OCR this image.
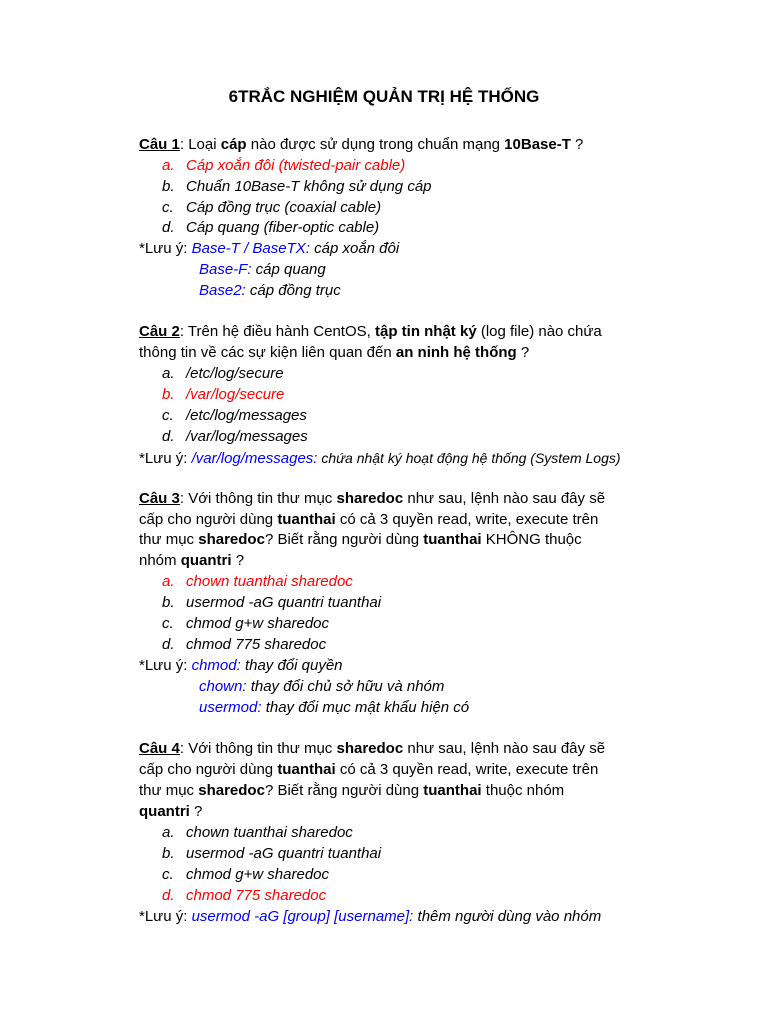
6TRẮC NGHIỆM QUẢN TRỊ HỆ THỐNG
Câu 1: Loại cáp nào được sử dụng trong chuẩn mạng 10Base-T ?
a. Cáp xoắn đôi (twisted-pair cable)
b. Chuẩn 10Base-T không sử dụng cáp
c. Cáp đồng trục (coaxial cable)
d. Cáp quang (fiber-optic cable)
*Lưu ý: Base-T / BaseTX: cáp xoắn đôi
Base-F: cáp quang
Base2: cáp đồng trục
Câu 2: Trên hệ điều hành CentOS, tập tin nhật ký (log file) nào chứa
thông tin về các sự kiện liên quan đến an ninh hệ thống ?
a. /etc/log/secure
b. /var/log/secure
c. /etc/log/messages
d. /var/log/messages
*Lưu ý: /var/log/messages: chứa nhật ký hoạt động hệ thống (System Logs)
Câu 3: Với thông tin thư mục sharedoc như sau, lệnh nào sau đây sẽ
cấp cho người dùng tuanthai có cả 3 quyền read, write, execute trên
thư mục sharedoc? Biết rằng người dùng tuanthai KHÔNG thuộc
nhóm quantri ?
a. chown tuanthai sharedoc
b. usermod -aG quantri tuanthai
c. chmod g+w sharedoc
d. chmod 775 sharedoc
*Lưu ý: chmod: thay đổi quyền
chown: thay đổi chủ sở hữu và nhóm
usermod: thay đổi mục mật khẩu hiện có
Câu 4: Với thông tin thư mục sharedoc như sau, lệnh nào sau đây sẽ
cấp cho người dùng tuanthai có cả 3 quyền read, write, execute trên
thư mục sharedoc? Biết rằng người dùng tuanthai thuộc nhóm
quantri ?
a. chown tuanthai sharedoc
b. usermod -aG quantri tuanthai
c. chmod g+w sharedoc
d. chmod 775 sharedoc
*Lưu ý: usermod -aG [group] [username]: thêm người dùng vào nhóm
